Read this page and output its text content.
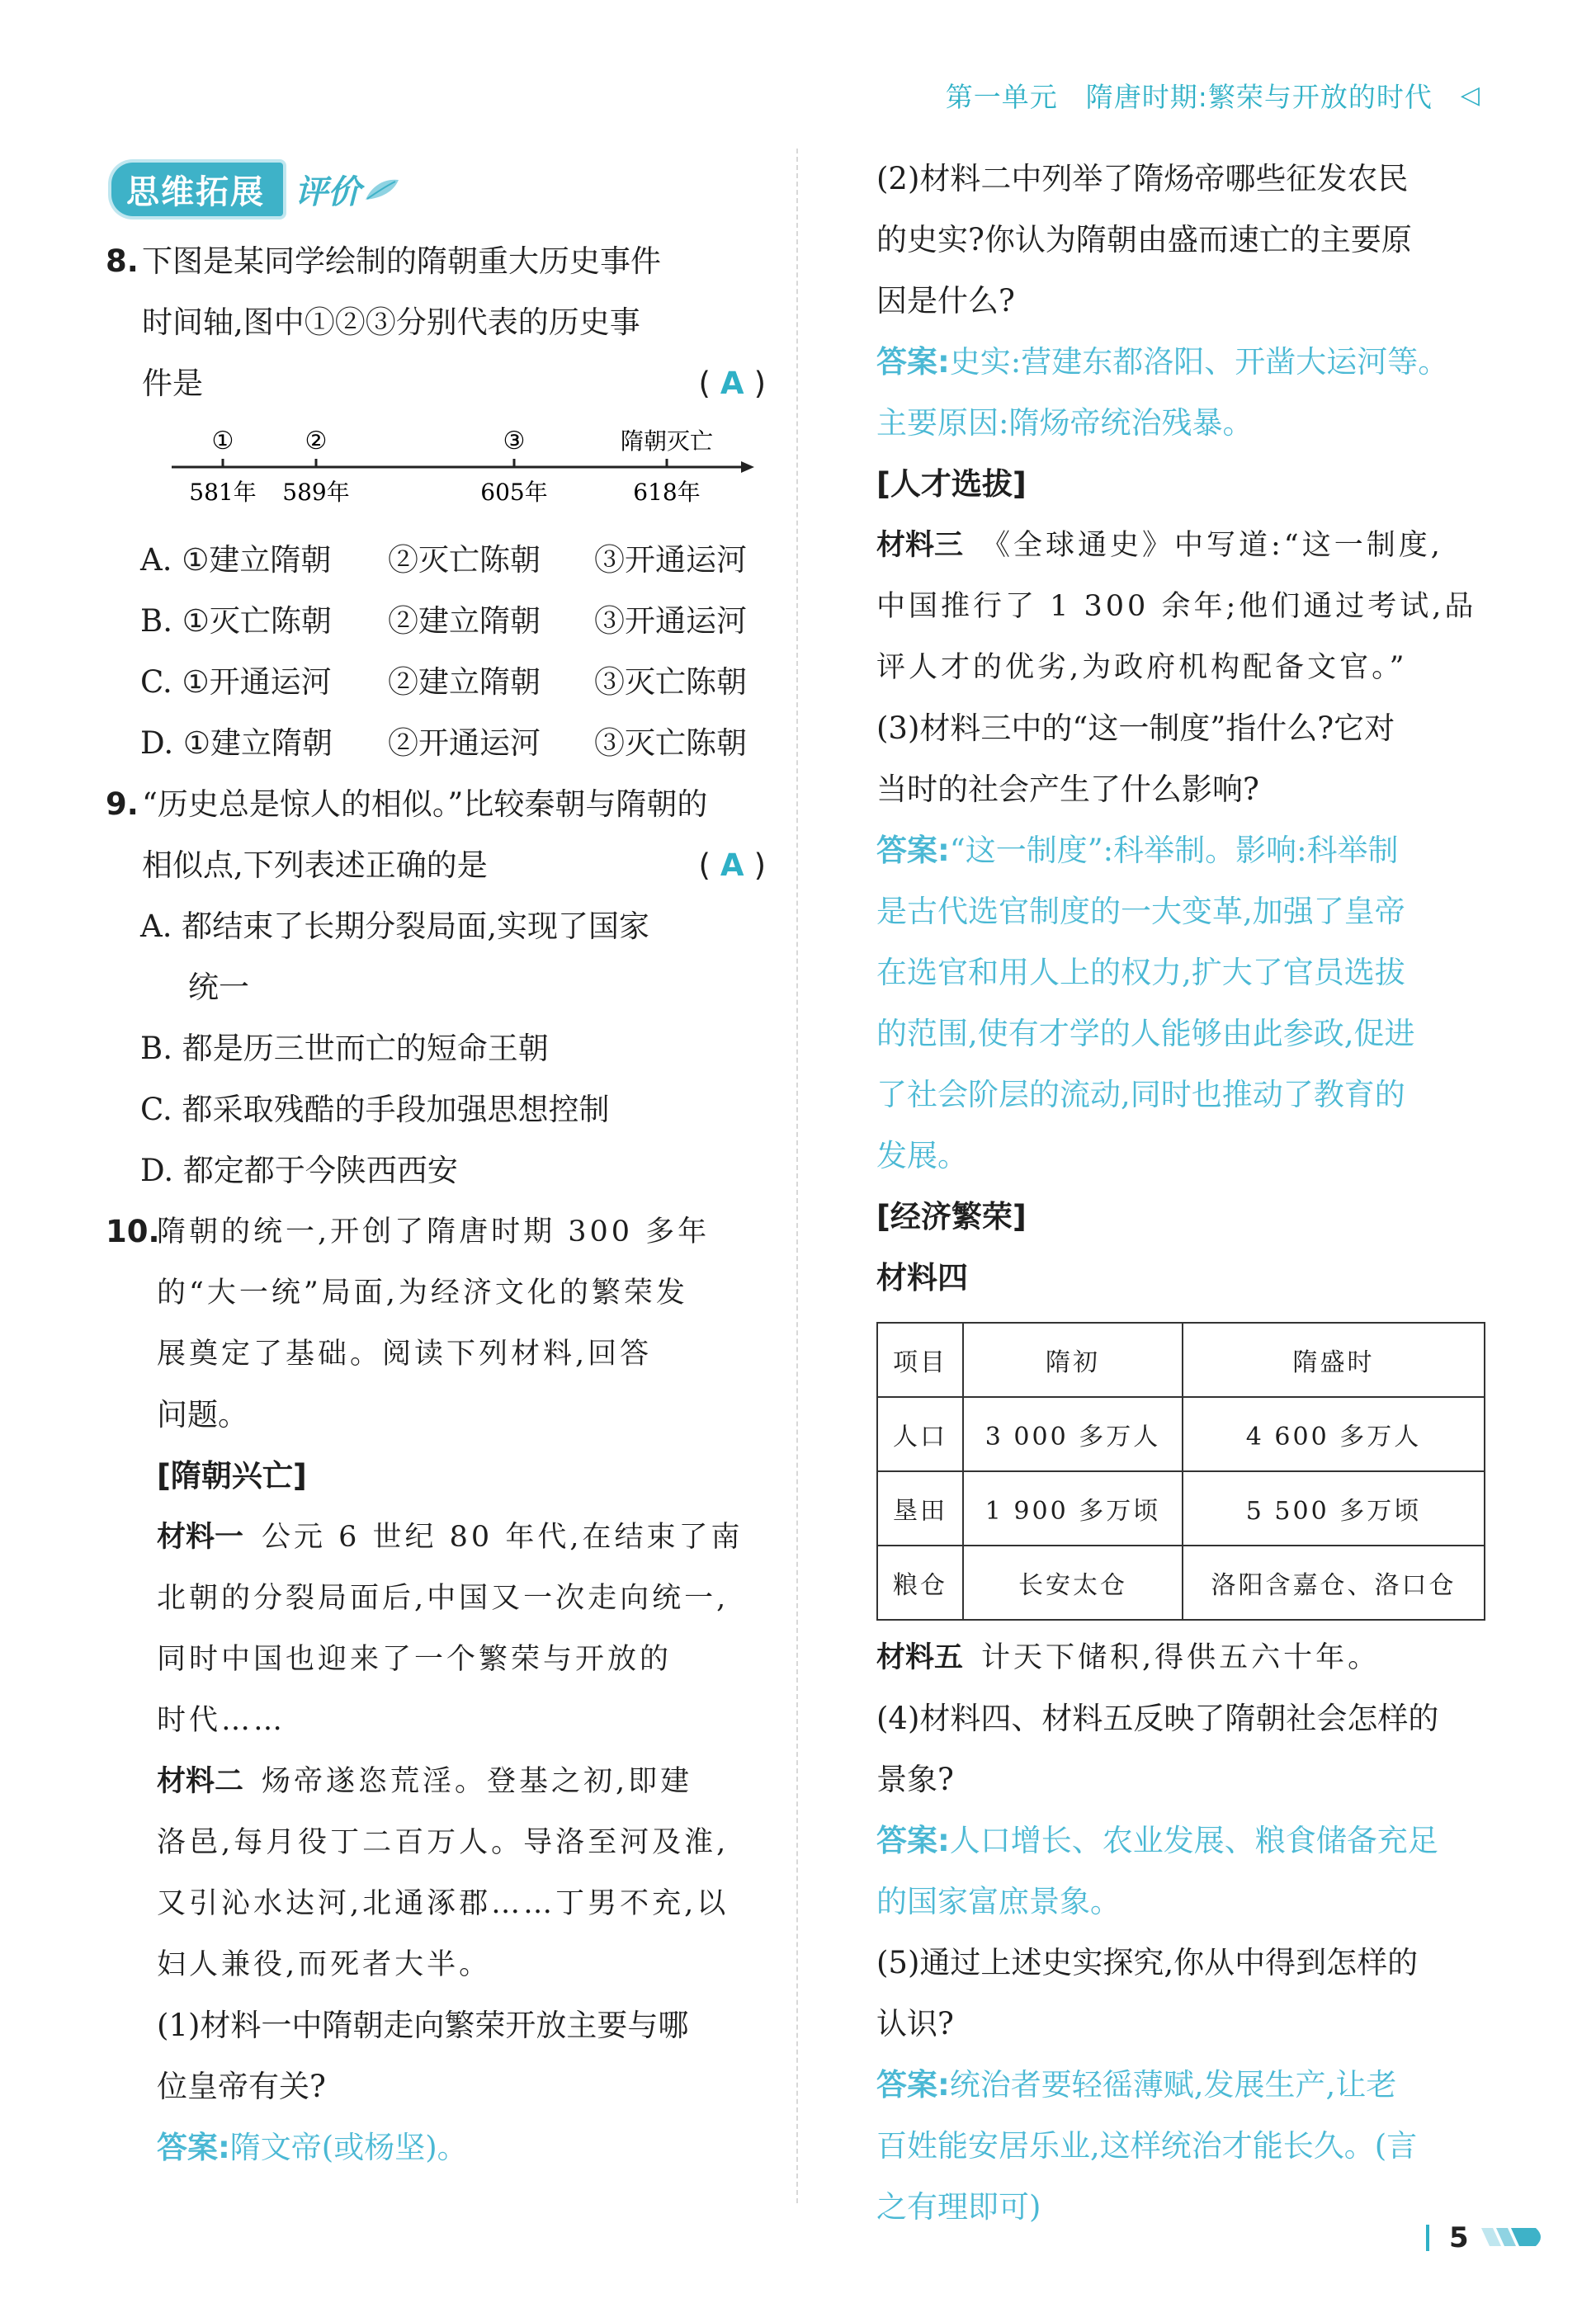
第一单元 隋唐时期:繁荣与开放的时代 ◁
思维拓展 评价
8. 下图是某同学绘制的隋朝重大历史事件
时间轴,图中①②③分别代表的历史事
件是	( A )
①	②	③	隋朝灭亡
581年 589年	605年	618年
A. ①建立隋朝 ②灭亡陈朝 ③开通运河
B. ①灭亡陈朝 ②建立隋朝 ③开通运河
C. ①开通运河 ②建立隋朝 ③灭亡陈朝
D. ①建立隋朝 ②开通运河 ③灭亡陈朝
9. “历史总是惊人的相似。”比较秦朝与隋朝的
相似点,下列表述正确的是	( A )
A. 都结束了长期分裂局面,实现了国家
统一
B. 都是历三世而亡的短命王朝
C. 都采取残酷的手段加强思想控制
D. 都定都于今陕西西安
10.
隋朝的统一,开创了隋唐时期 300 多年
的“大一统”局面,为经济文化的繁荣发
展奠定了基础。阅读下列材料,回答
问题。
[隋朝兴亡]
材料一 公元 6 世纪 80 年代,在结束了南
北朝的分裂局面后,中国又一次走向统一,
同时中国也迎来了一个繁荣与开放的
时代……
材料二 炀帝遂恣荒淫。登基之初,即建
洛邑,每月役丁二百万人。导洛至河及淮,
又引沁水达河,北通涿郡……丁男不充,以
妇人兼役,而死者大半。
(1)材料一中隋朝走向繁荣开放主要与哪
位皇帝有关?
答案:隋文帝(或杨坚)。
(2)材料二中列举了隋炀帝哪些征发农民
的史实?你认为隋朝由盛而速亡的主要原
因是什么?
答案:史实:营建东都洛阳、开凿大运河等。
主要原因:隋炀帝统治残暴。
[人才选拔]
材料三 《全球通史》中写道:“这一制度,
中国推行了 1 300 余年;他们通过考试,品
评人才的优劣,为政府机构配备文官。”
(3)材料三中的“这一制度”指什么?它对
当时的社会产生了什么影响?
答案:“这一制度”:科举制。影响:科举制
是古代选官制度的一大变革,加强了皇帝
在选官和用人上的权力,扩大了官员选拔
的范围,使有才学的人能够由此参政,促进
了社会阶层的流动,同时也推动了教育的
发展。
[经济繁荣]
材料四
项目	隋初	隋盛时
人口	3 000 多万人	4 600 多万人
垦田	1 900 多万顷	5 500 多万顷
粮仓	长安太仓	洛阳含嘉仓、洛口仓
材料五 计天下储积,得供五六十年。
(4)材料四、材料五反映了隋朝社会怎样的
景象?
答案:人口增长、农业发展、粮食储备充足
的国家富庶景象。
(5)通过上述史实探究,你从中得到怎样的
认识?
答案:统治者要轻徭薄赋,发展生产,让老
百姓能安居乐业,这样统治才能长久。(言
之有理即可)
5
